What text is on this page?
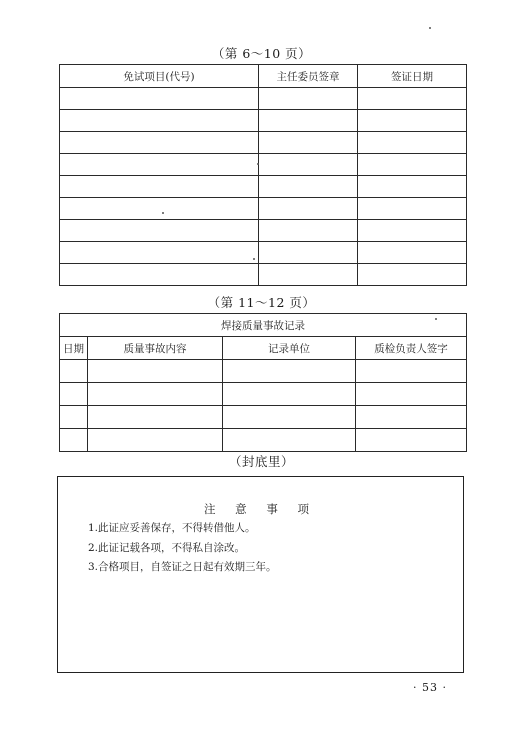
（第 6～10 页）
免试项目(代号)	主任委员签章	签证日期

（第 11～12 页）
焊接质量事故记录			
日期	质量事故内容	记录单位	质检负责人签字

（封底里）
注 意 事 项
1.此证应妥善保存，不得转借他人。
2.此证记载各项，不得私自涂改。
3.合格项目，自签证之日起有效期三年。
· 53 ·
